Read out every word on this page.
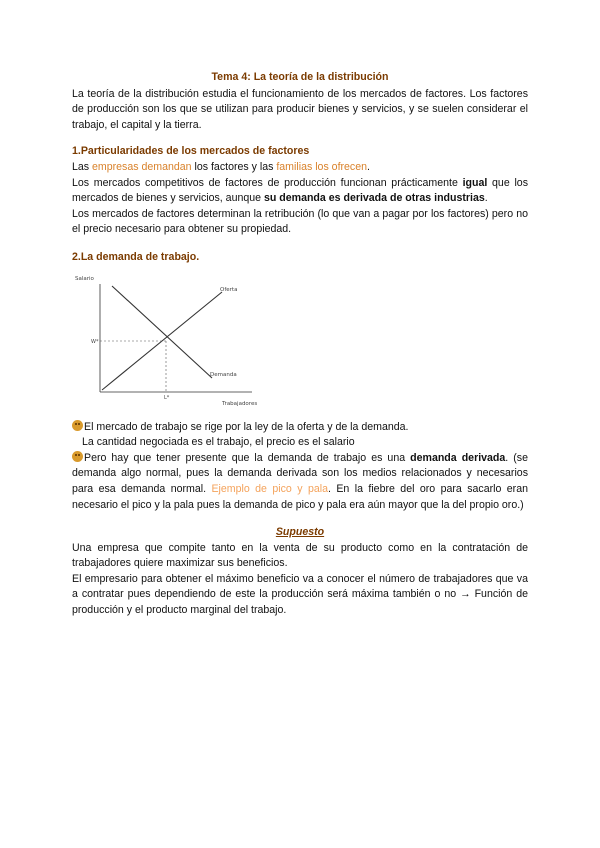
Tema 4: La teoría de la distribución

La teoría de la distribución estudia el funcionamiento de los mercados de factores. Los factores de producción son los que se utilizan para producir bienes y servicios, y se suelen considerar el trabajo, el capital y la tierra.

1.Particularidades de los mercados de factores

Las empresas demandan los factores y las familias los ofrecen.

Los mercados competitivos de factores de producción funcionan prácticamente igual que los mercados de bienes y servicios, aunque su demanda es derivada de otras industrias.

Los mercados de factores determinan la retribución (lo que van a pagar por los factores) pero no el precio necesario para obtener su propiedad.

2.La demanda de trabajo.

Salario
Oferta
Demanda
W*
L*
Trabajadores

El mercado de trabajo se rige por la ley de la oferta y de la demanda.

La cantidad negociada es el trabajo, el precio es el salario

Pero hay que tener presente que la demanda de trabajo es una demanda derivada. (se demanda algo normal, pues la demanda derivada son los medios relacionados y necesarios para esa demanda normal. Ejemplo de pico y pala. En la fiebre del oro para sacarlo eran necesario el pico y la pala pues la demanda de pico y pala era aún mayor que la del propio oro.)

Supuesto

Una empresa que compite tanto en la venta de su producto como en la contratación de trabajadores quiere maximizar sus beneficios.

El empresario para obtener el máximo beneficio va a conocer el número de trabajadores que va a contratar pues dependiendo de este la producción será máxima también o no → Función de producción y el producto marginal del trabajo.
